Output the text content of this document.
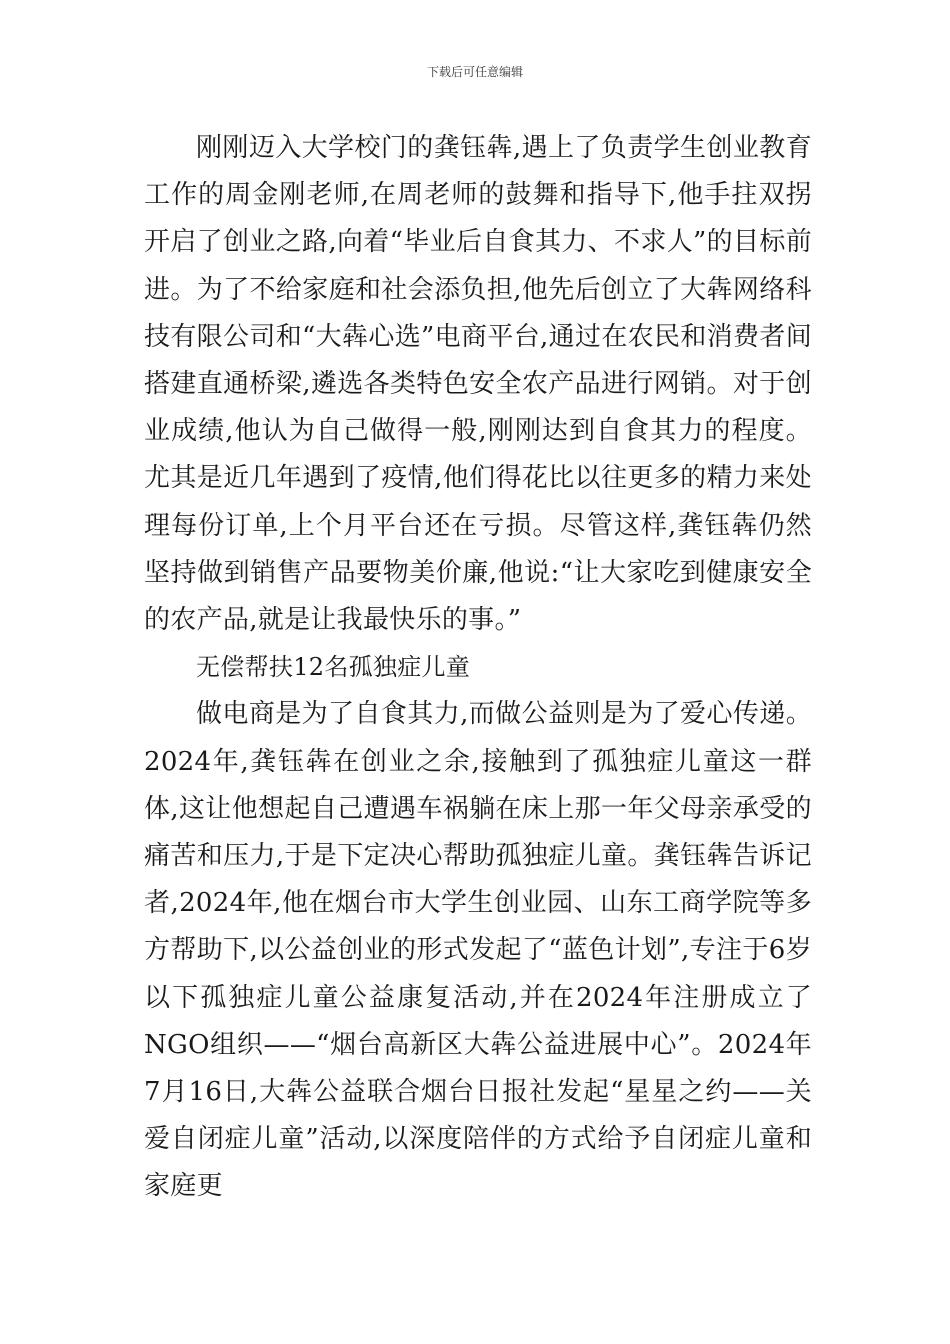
下载后可任意编辑

刚刚迈入大学校门的龚钰犇,遇上了负责学生创业教育工作的周金刚老师,在周老师的鼓舞和指导下,他手拄双拐开启了创业之路,向着“毕业后自食其力、不求人”的目标前进。为了不给家庭和社会添负担,他先后创立了大犇网络科技有限公司和“大犇心选”电商平台,通过在农民和消费者间搭建直通桥梁,遴选各类特色安全农产品进行网销。对于创业成绩,他认为自己做得一般,刚刚达到自食其力的程度。尤其是近几年遇到了疫情,他们得花比以往更多的精力来处理每份订单,上个月平台还在亏损。尽管这样,龚钰犇仍然坚持做到销售产品要物美价廉,他说:“让大家吃到健康安全的农产品,就是让我最快乐的事。”

无偿帮扶12名孤独症儿童

做电商是为了自食其力,而做公益则是为了爱心传递。2024年,龚钰犇在创业之余,接触到了孤独症儿童这一群体,这让他想起自己遭遇车祸躺在床上那一年父母亲承受的痛苦和压力,于是下定决心帮助孤独症儿童。龚钰犇告诉记者,2024年,他在烟台市大学生创业园、山东工商学院等多方帮助下,以公益创业的形式发起了“蓝色计划”,专注于6岁以下孤独症儿童公益康复活动,并在2024年注册成立了NGO组织——“烟台高新区大犇公益进展中心”。2024年7月16日,大犇公益联合烟台日报社发起“星星之约——关爱自闭症儿童”活动,以深度陪伴的方式给予自闭症儿童和家庭更
